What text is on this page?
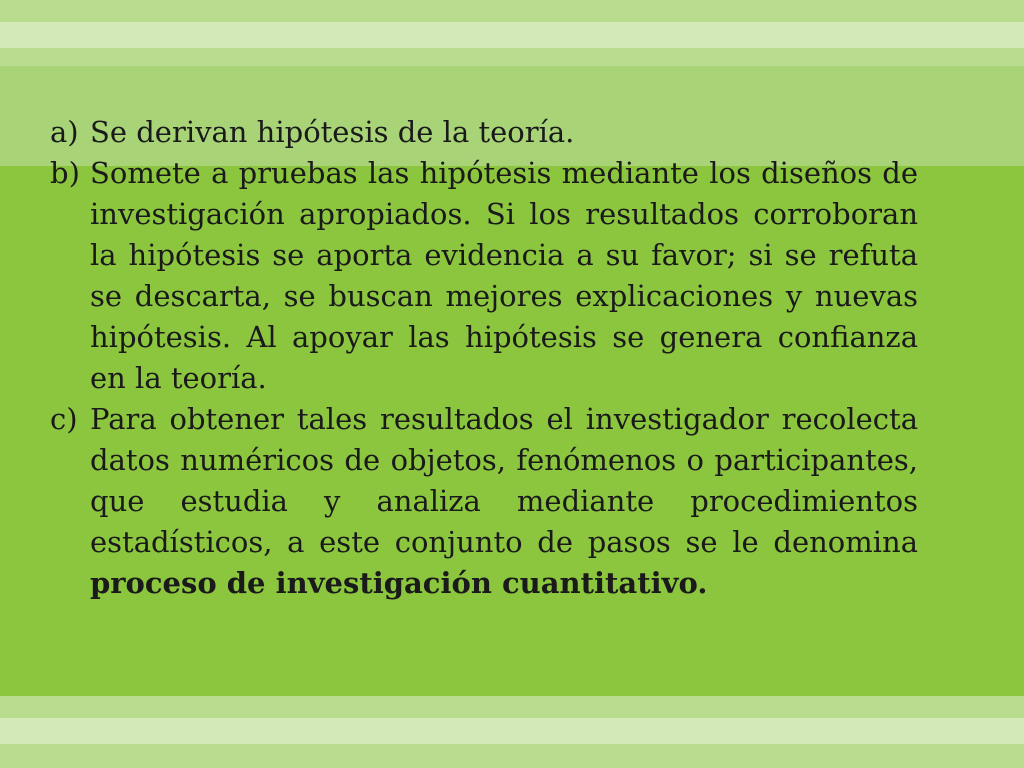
a) Se derivan hipótesis de la teoría.
b) Somete a pruebas las hipótesis mediante los diseños de investigación apropiados. Si los resultados corroboran la hipótesis se aporta evidencia a su favor; si se refuta se descarta, se buscan mejores explicaciones y nuevas hipótesis. Al apoyar las hipótesis se genera confianza en la teoría.
c) Para obtener tales resultados el investigador recolecta datos numéricos de objetos, fenómenos o participantes, que estudia y analiza mediante procedimientos estadísticos, a este conjunto de pasos se le denomina proceso de investigación cuantitativo.
